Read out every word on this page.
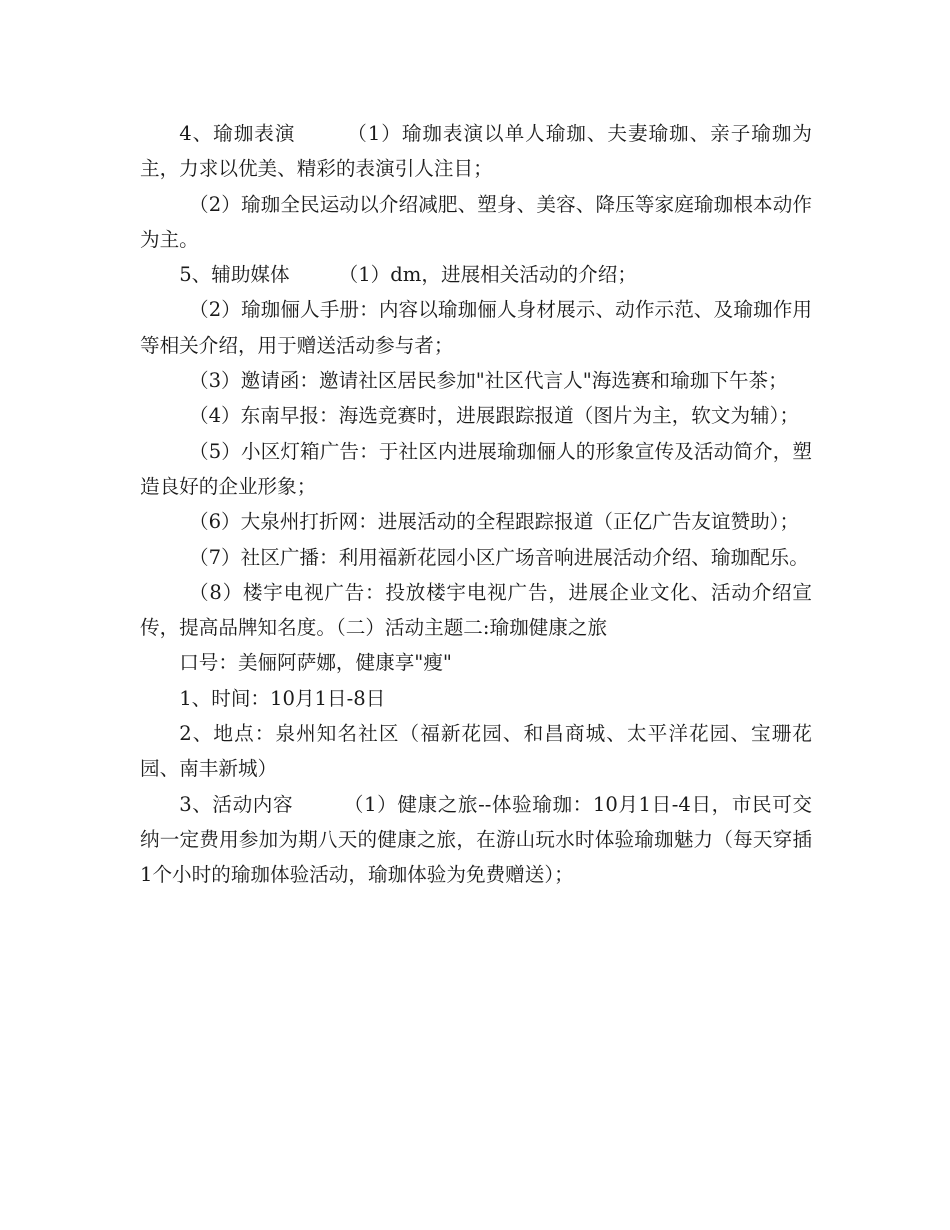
4、瑜珈表演　　　（1）瑜珈表演以单人瑜珈、夫妻瑜珈、亲子瑜珈为主，力求以优美、精彩的表演引人注目；

（2）瑜珈全民运动以介绍减肥、塑身、美容、降压等家庭瑜珈根本动作为主。

5、辅助媒体　　　（1）dm，进展相关活动的介绍；

（2）瑜珈俪人手册：内容以瑜珈俪人身材展示、动作示范、及瑜珈作用等相关介绍，用于赠送活动参与者；

（3）邀请函：邀请社区居民参加"社区代言人"海选赛和瑜珈下午茶；

（4）东南早报：海选竞赛时，进展跟踪报道（图片为主，软文为辅）；

（5）小区灯箱广告：于社区内进展瑜珈俪人的形象宣传及活动简介，塑造良好的企业形象；

（6）大泉州打折网：进展活动的全程跟踪报道（正亿广告友谊赞助）；

（7）社区广播：利用福新花园小区广场音响进展活动介绍、瑜珈配乐。

（8）楼宇电视广告：投放楼宇电视广告，进展企业文化、活动介绍宣传，提高品牌知名度。（二）活动主题二:瑜珈健康之旅

口号：美俪阿萨娜，健康享"瘦"

1、时间：10月1日-8日

2、地点：泉州知名社区（福新花园、和昌商城、太平洋花园、宝珊花园、南丰新城）

3、活动内容　　　（1）健康之旅--体验瑜珈：10月1日-4日，市民可交纳一定费用参加为期八天的健康之旅，在游山玩水时体验瑜珈魅力（每天穿插1个小时的瑜珈体验活动，瑜珈体验为免费赠送）；
